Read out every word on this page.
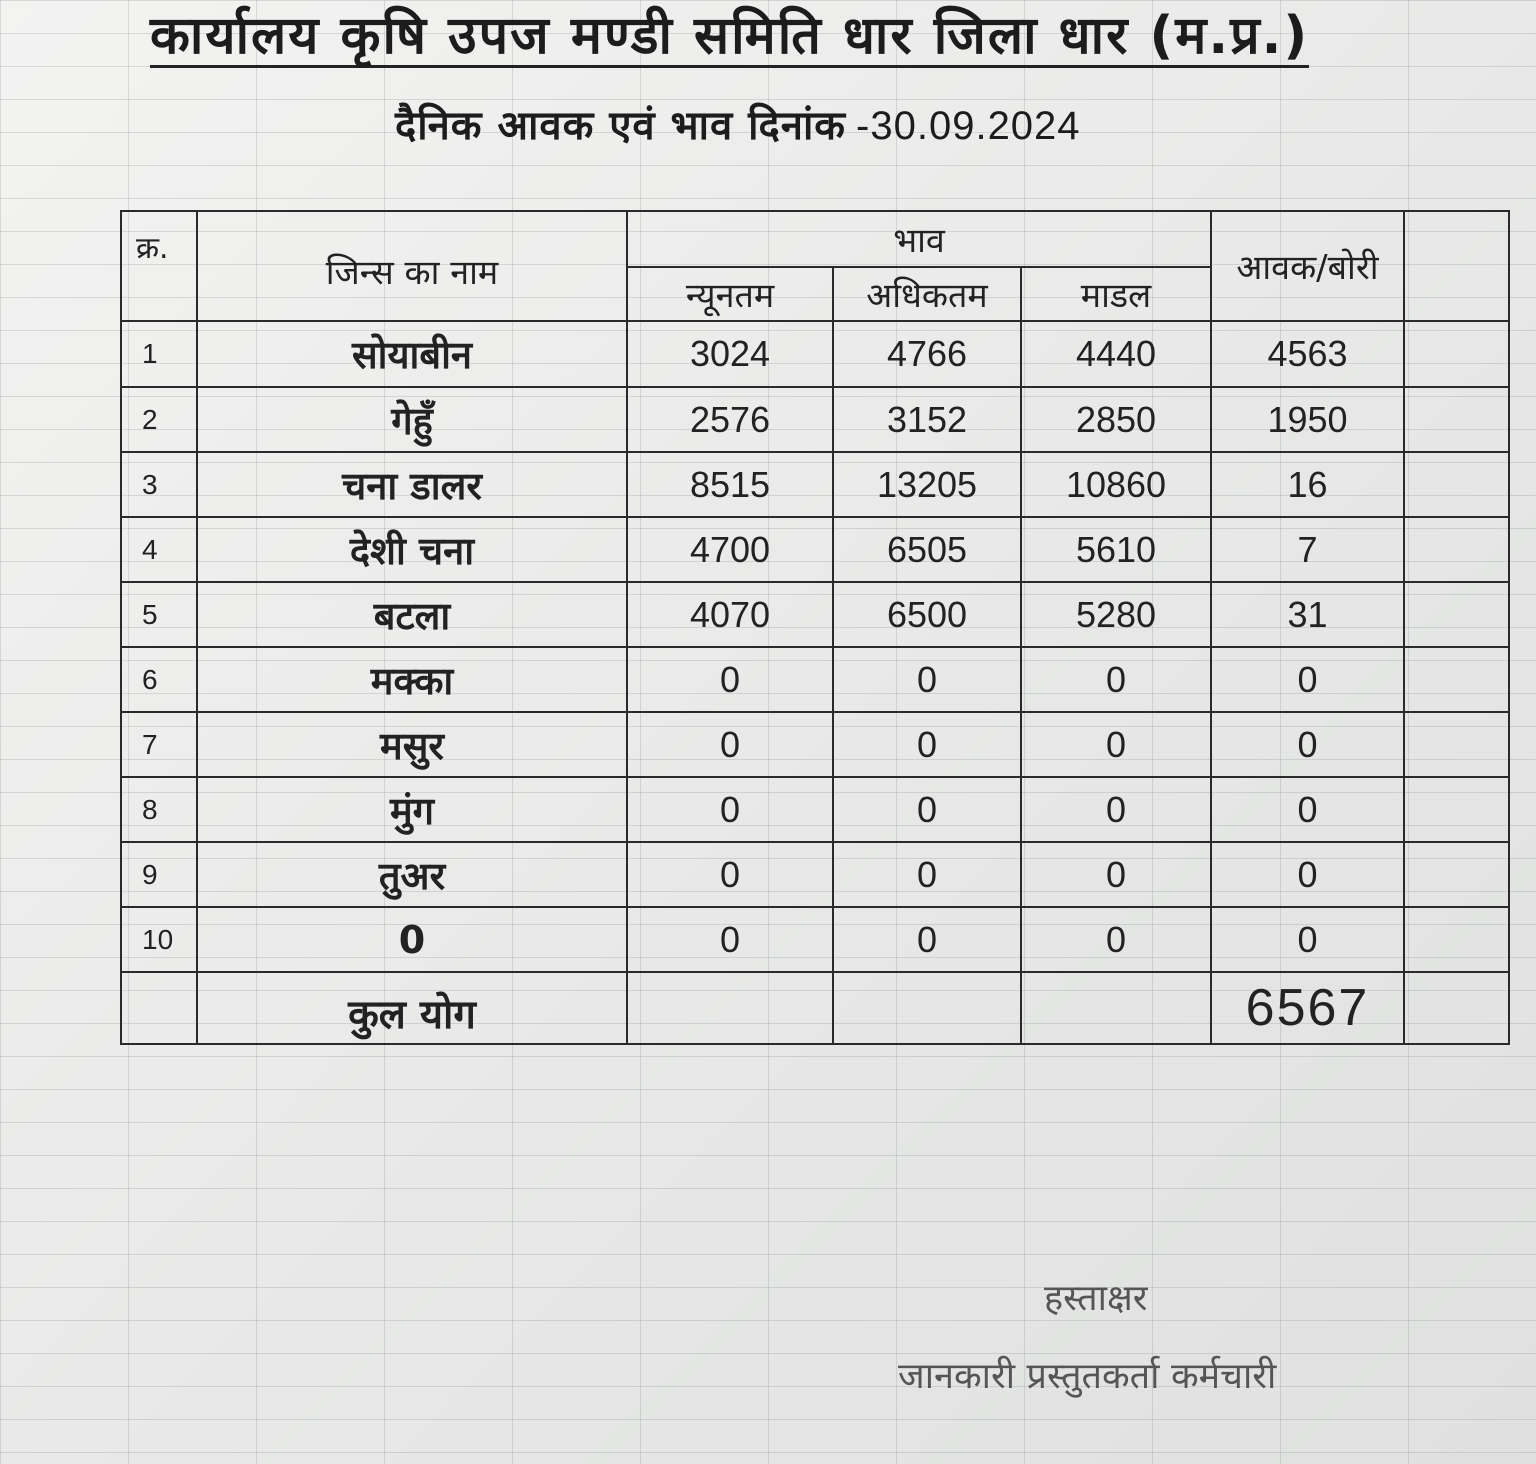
कार्यालय कृषि उपज मण्डी समिति धार जिला धार (म.प्र.)
दैनिक आवक एवं भाव दिनांक -30.09.2024
क्र.	जिन्स का नाम	भाव			आवक/बोरी	
		न्यूनतम	अधिकतम	माडल		
1	सोयाबीन	3024	4766	4440	4563	
2	गेहुँ	2576	3152	2850	1950	
3	चना डालर	8515	13205	10860	16	
4	देशी चना	4700	6505	5610	7	
5	बटला	4070	6500	5280	31	
6	मक्का	0	0	0	0	
7	मसुर	0	0	0	0	
8	मुंग	0	0	0	0	
9	तुअर	0	0	0	0	
10	0	0	0	0	0	
	कुल योग				6567	
हस्ताक्षर
जानकारी प्रस्तुतकर्ता कर्मचारी
